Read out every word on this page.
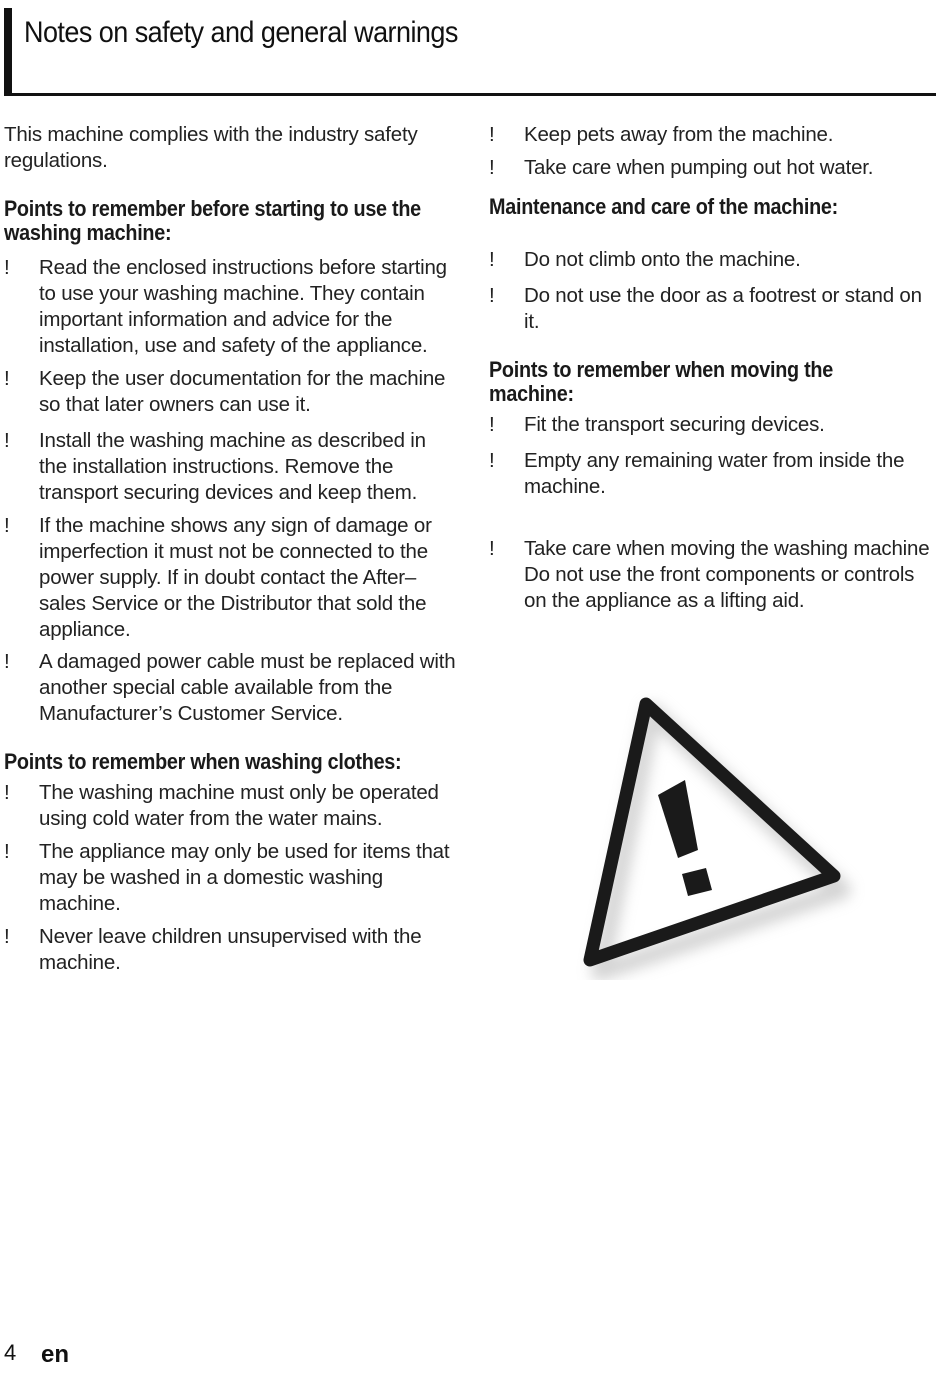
Notes on safety and general warnings

This machine complies with the industry safety regulations.

Points to remember before starting to use the washing machine:

! Read the enclosed instructions before starting to use your washing machine. They contain important information and advice for the installation, use and safety of the appliance.
! Keep the user documentation for the machine so that later owners can use it.
! Install the washing machine as described in the installation instructions. Remove the transport securing devices and keep them.
! If the machine shows any sign of damage or imperfection it must not be connected to the power supply. If in doubt contact the After–sales Service or the Distributor that sold the appliance.
! A damaged power cable must be replaced with another special cable available from the Manufacturer’s Customer Service.

Points to remember when washing clothes:

! The washing machine must only be operated using cold water from the water mains.
! The appliance may only be used for items that may be washed in a domestic washing machine.
! Never leave children unsupervised with the machine.
! Keep pets away from the machine.
! Take care when pumping out hot water.

Maintenance and care of the machine:

! Do not climb onto the machine.
! Do not use the door as a footrest or stand on it.

Points to remember when moving the machine:

! Fit the transport securing devices.
! Empty any remaining water from inside the machine.
! Take care when moving the washing machine Do not use the front components or controls on the appliance as a lifting aid.
4 en
